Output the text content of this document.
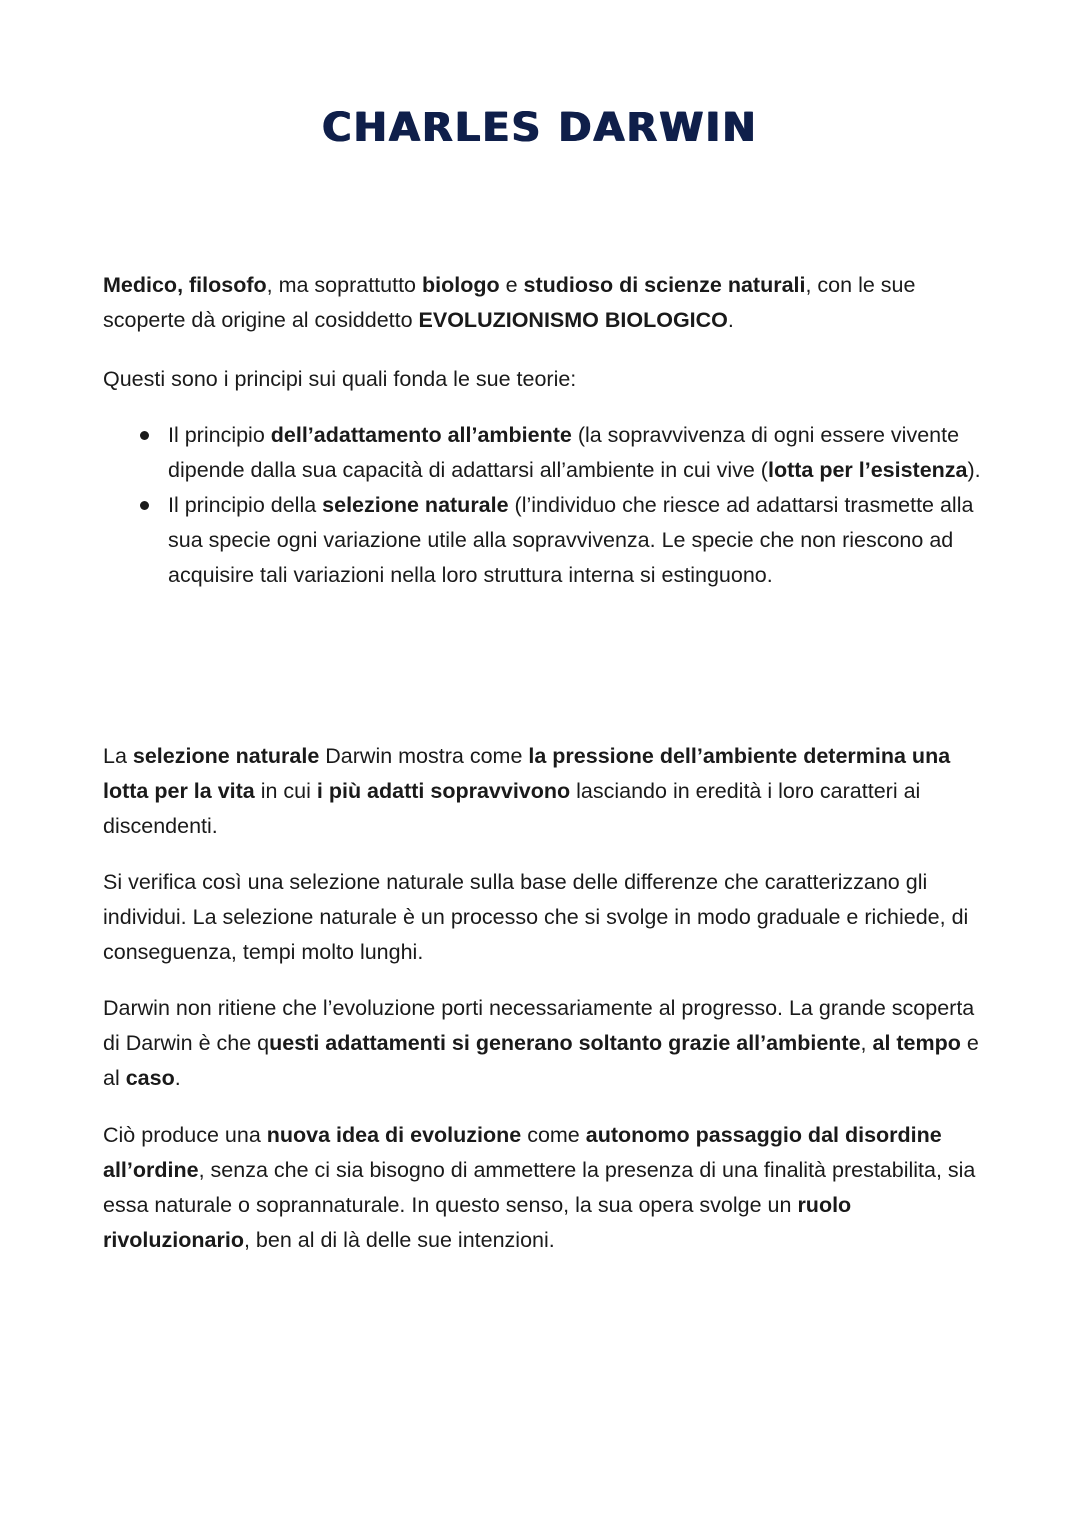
CHARLES DARWIN

Medico, filosofo, ma soprattutto biologo e studioso di scienze naturali, con le sue scoperte dà origine al cosiddetto EVOLUZIONISMO BIOLOGICO.

Questi sono i principi sui quali fonda le sue teorie:

Il principio dell’adattamento all’ambiente (la sopravvivenza di ogni essere vivente dipende dalla sua capacità di adattarsi all’ambiente in cui vive (lotta per l’esistenza).
Il principio della selezione naturale (l’individuo che riesce ad adattarsi trasmette alla sua specie ogni variazione utile alla sopravvivenza. Le specie che non riescono ad acquisire tali variazioni nella loro struttura interna si estinguono.

La selezione naturale Darwin mostra come la pressione dell’ambiente determina una lotta per la vita in cui i più adatti sopravvivono lasciando in eredità i loro caratteri ai discendenti.

Si verifica così una selezione naturale sulla base delle differenze che caratterizzano gli individui. La selezione naturale è un processo che si svolge in modo graduale e richiede, di conseguenza, tempi molto lunghi.

Darwin non ritiene che l’evoluzione porti necessariamente al progresso. La grande scoperta di Darwin è che questi adattamenti si generano soltanto grazie all’ambiente, al tempo e al caso.

Ciò produce una nuova idea di evoluzione come autonomo passaggio dal disordine all’ordine, senza che ci sia bisogno di ammettere la presenza di una finalità prestabilita, sia essa naturale o soprannaturale. In questo senso, la sua opera svolge un ruolo rivoluzionario, ben al di là delle sue intenzioni.
